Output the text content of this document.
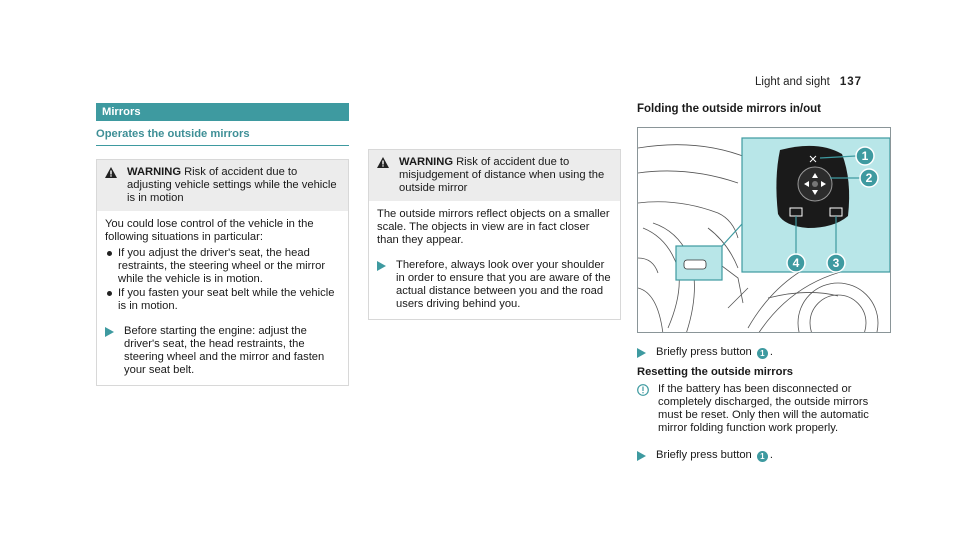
Light and sight 137
Mirrors
Operates the outside mirrors
WARNING Risk of accident due to adjusting vehicle settings while the vehicle is in motion
You could lose control of the vehicle in the following situations in particular:
If you adjust the driver's seat, the head restraints, the steering wheel or the mirror while the vehicle is in motion.
If you fasten your seat belt while the vehicle is in motion.
Before starting the engine: adjust the driver's seat, the head restraints, the steering wheel and the mirror and fasten your seat belt.
WARNING Risk of accident due to misjudgement of distance when using the outside mirror
The outside mirrors reflect objects on a smaller scale. The objects in view are in fact closer than they appear.
Therefore, always look over your shoulder in order to ensure that you are aware of the actual distance between you and the road users driving behind you.
Folding the outside mirrors in/out
1
2
3
4
Briefly press button 1 .
Resetting the outside mirrors
If the battery has been disconnected or completely discharged, the outside mirrors must be reset. Only then will the automatic mirror folding function work properly.
Briefly press button 1 .
